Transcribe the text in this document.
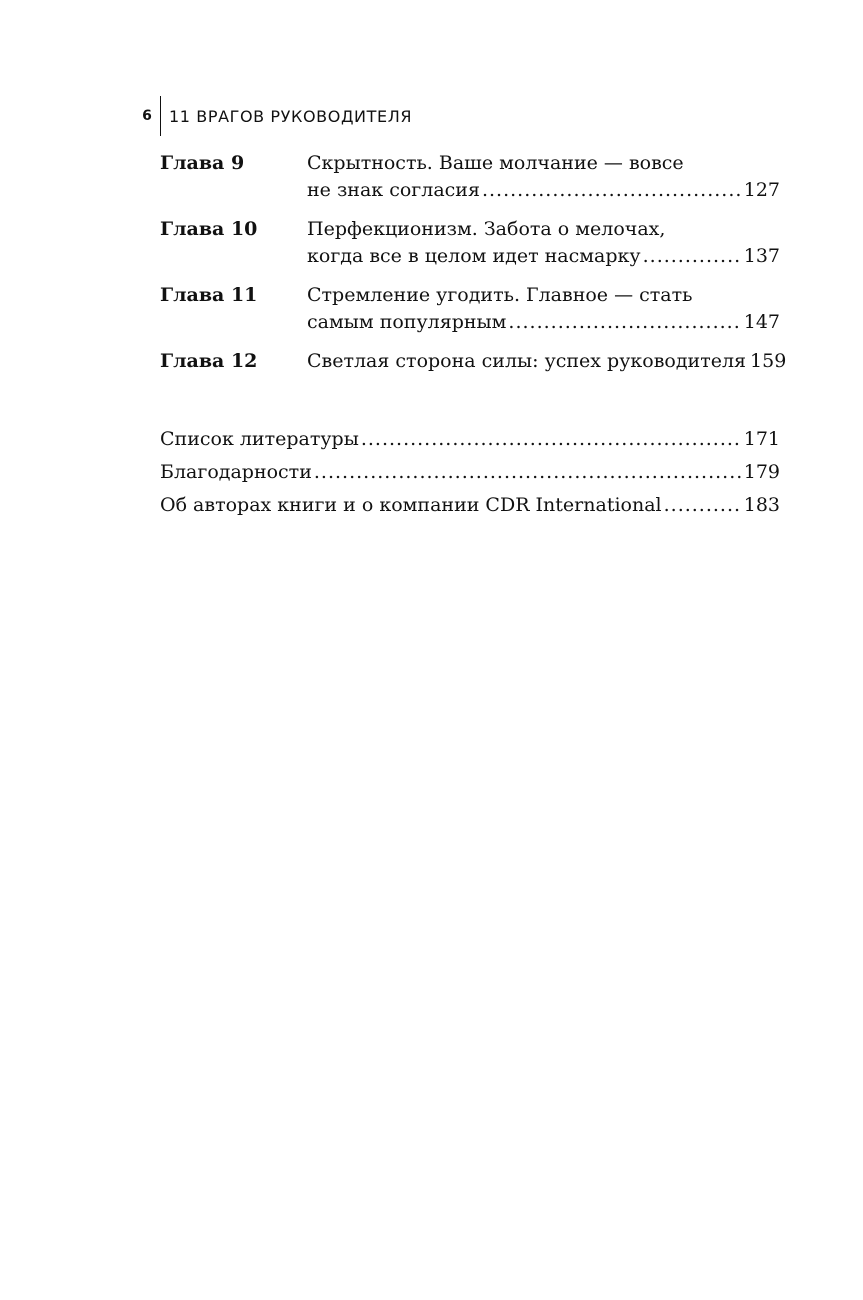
6 11 ВРАГОВ РУКОВОДИТЕЛЯ
Глава 9	Скрытность. Ваше молчание — вовсе
не знак согласия .....	127
Глава 10	Перфекционизм. Забота о мелочах,
когда все в целом идет насмарку .....	137
Глава 11	Стремление угодить. Главное — стать
самым популярным .....	147
Глава 12	Светлая сторона силы: успех руководителя 159
Список литературы .....	171
Благодарности .....	179
Об авторах книги и о компании CDR International .....	183
